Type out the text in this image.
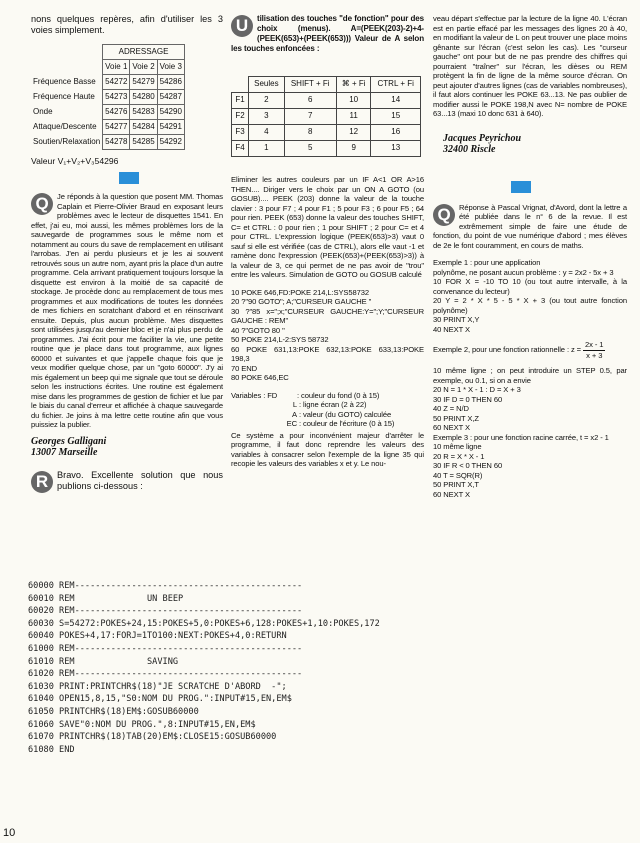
nons quelques repères, afin d'utiliser les 3 voies simplement.

	ADRESSAGE		
	Voie 1	Voie 2	Voie 3
Fréquence Basse	54272	54279	54286
Fréquence Haute	54273	54280	54287
Onde	54276	54283	54290
Attaque/Descente	54277	54284	54291
Soutien/Relaxation	54278	54285	54292

Valeur V₁+V₂+V₃54296

Q	Je réponds à la question que posent MM. Thomas Caplain et Pierre-Olivier Braud en exposant leurs problèmes avec le lecteur de disquettes 1541. En effet, j'ai eu, moi aussi, les mêmes problèmes lors de la sauvegarde de programmes sous le même nom et notamment au cours du save de remplacement en utilisant l'arrobas. J'en ai perdu plusieurs et je les ai souvent retrouvés sous un autre nom, ayant pris la place d'un autre programme. Cela arrivant pratiquement toujours lorsque la disquette est environ à la moitié de sa capacité de stockage. Je procède donc au remplacement de tous mes programmes et aux modifications de toutes les données de mes fichiers en scratchant d'abord et en réinscrivant ensuite. Depuis, plus aucun problème. Mes disquettes sont utilisées jusqu'au dernier bloc et je n'ai plus perdu de programmes. J'ai écrit pour me faciliter la vie, une petite routine que je place dans tout programme, aux lignes 60000 et suivantes et que j'appelle chaque fois que je veux modifier quelque chose, par un "goto 60000". J'y ai mis également un beep qui me signale que tout se déroule selon les instructions écrites. Une routine est également mise dans les programmes de gestion de fichier et lue par le biais du canal d'erreur et affichée à chaque sauvegarde du fichier. Je joins à ma lettre cette routine afin que vous puissiez la publier.

Georges Galligani
13007 Marseille

R Bravo. Excellente solution que nous publions ci-dessous :

U	tilisation des touches "de fonction" pour des choix (menus). A=(PEEK(203)-2)+4-(PEEK(653)+(PEEK(653))) Valeur de A selon les touches enfoncées :

	Seules	SHIFT + Fi	⌘ + Fi	CTRL + Fi
F1	2	6	10	14
F2	3	7	11	15
F3	4	8	12	16
F4	1	5	9	13

Eliminer les autres couleurs par un IF A<1 OR A>16 THEN.... Diriger vers le choix par un ON A GOTO (ou GOSUB).... PEEK (203) donne la valeur de la touche clavier : 3 pour F7 ; 4 pour F1 ; 5 pour F3 ; 6 pour F5 ; 64 pour rien. PEEK (653) donne la valeur des touches SHIFT, C= et CTRL : 0 pour rien ; 1 pour SHIFT ; 2 pour C= et 4 pour CTRL. L'expression logique (PEEK(653)>3) vaut 0 sauf si elle est vérifiée (cas de CTRL), alors elle vaut -1 et ramène donc l'expression (PEEK(653)+(PEEK(653)>3)) à la valeur de 3, ce qui permet de ne pas avoir de "trou" entre les valeurs. Simulation de GOTO ou GOSUB calculé

10 POKE 646,FD:POKE 214,L:SYS58732
20 ?"90 GOTO"; A;"CURSEUR GAUCHE "
30 ?"85 x=";x;"CURSEUR GAUCHE:Y=";Y;"CURSEUR GAUCHE : REM"
40 ?"GOTO 80 "
50 POKE 214,L-2:SYS 58732
60 POKE 631,13:POKE 632,13:POKE 633,13:POKE 198,3
70 END
80 POKE 646,EC
Variables : FD	: couleur du fond (0 à 15)
L : ligne écran (2 à 22)
A : valeur (du GOTO) calculée
EC : couleur de l'écriture (0 à 15)

Ce système a pour inconvénient majeur d'arrêter le programme, il faut donc reprendre les valeurs des variables à consacrer selon l'exemple de la ligne 35 qui recopie les valeurs des variables x et y. Le nou-

veau départ s'effectue par la lecture de la ligne 40. L'écran est en partie effacé par les messages des lignes 20 à 40, en modifiant la valeur de L on peut trouver une place moins gênante sur l'écran (c'est selon les cas). Les "curseur gauche" ont pour but de ne pas prendre des chiffres qui pourraient "traîner" sur l'écran, les dièses ou REM protègent la fin de ligne de la même source d'écran. On peut ajouter d'autres lignes (cas de variables nombreuses), il faut alors continuer les POKE 63...13. Ne pas oublier de modifier aussi le POKE 198,N avec N= nombre de POKE 63...13 (maxi 10 donc 631 à 640).

Jacques Peyrichou
32400 Riscle

Q	Réponse à Pascal Vrignat, d'Avord, dont la lettre a été publiée dans le n° 6 de la revue. Il est extrêmement simple de faire une étude de fonction, du point de vue numérique d'abord ; mes élèves de 2e le font couramment, en cours de maths.

Exemple 1 : pour une application
polynôme, ne posant aucun problème : y = 2x2 - 5x + 3
10 FOR X = -10 TO 10 (ou tout autre intervalle, à la convenance du lecteur)
20 Y = 2 * X * 5 - 5 * X + 3 (ou tout autre fonction polynôme)
30 PRINT X,Y
40 NEXT X
Exemple 2, pour une fonction rationnelle : $z = \frac{2x - 1}{x + 3}$
10 même ligne ; on peut introduire un STEP 0.5, par exemple, ou 0.1, si on a envie
20 N = 1 * X - 1 : D = X + 3
30 IF D = 0 THEN 60
40 Z = N/D
50 PRINT X,Z
60 NEXT X
Exemple 3 : pour une fonction racine carrée, t = x2 - 1
10 même ligne
20 R = X * X - 1
30 IF R < 0 THEN 60
40 T = SQR(R)
50 PRINT X,T
60 NEXT X
60000 REM--------------------------------------------
60010 REM              UN BEEP
60020 REM--------------------------------------------
60030 S=54272:POKES+24,15:POKES+5,0:POKES+6,128:POKES+1,10:POKES,172
60040 POKES+4,17:FORJ=1TO100:NEXT:POKES+4,0:RETURN
61000 REM--------------------------------------------
61010 REM              SAVING
61020 REM--------------------------------------------
61030 PRINT:PRINTCHR$(18)"JE SCRATCHE D'ABORD  -";
61040 OPEN15,8,15,"S0:NOM DU PROG.":INPUT#15,EN,EM$
61050 PRINTCHR$(18)EM$:GOSUB60000
61060 SAVE"0:NOM DU PROG.",8:INPUT#15,EN,EM$
61070 PRINTCHR$(18)TAB(20)EM$:CLOSE15:GOSUB60000
61080 END
10
